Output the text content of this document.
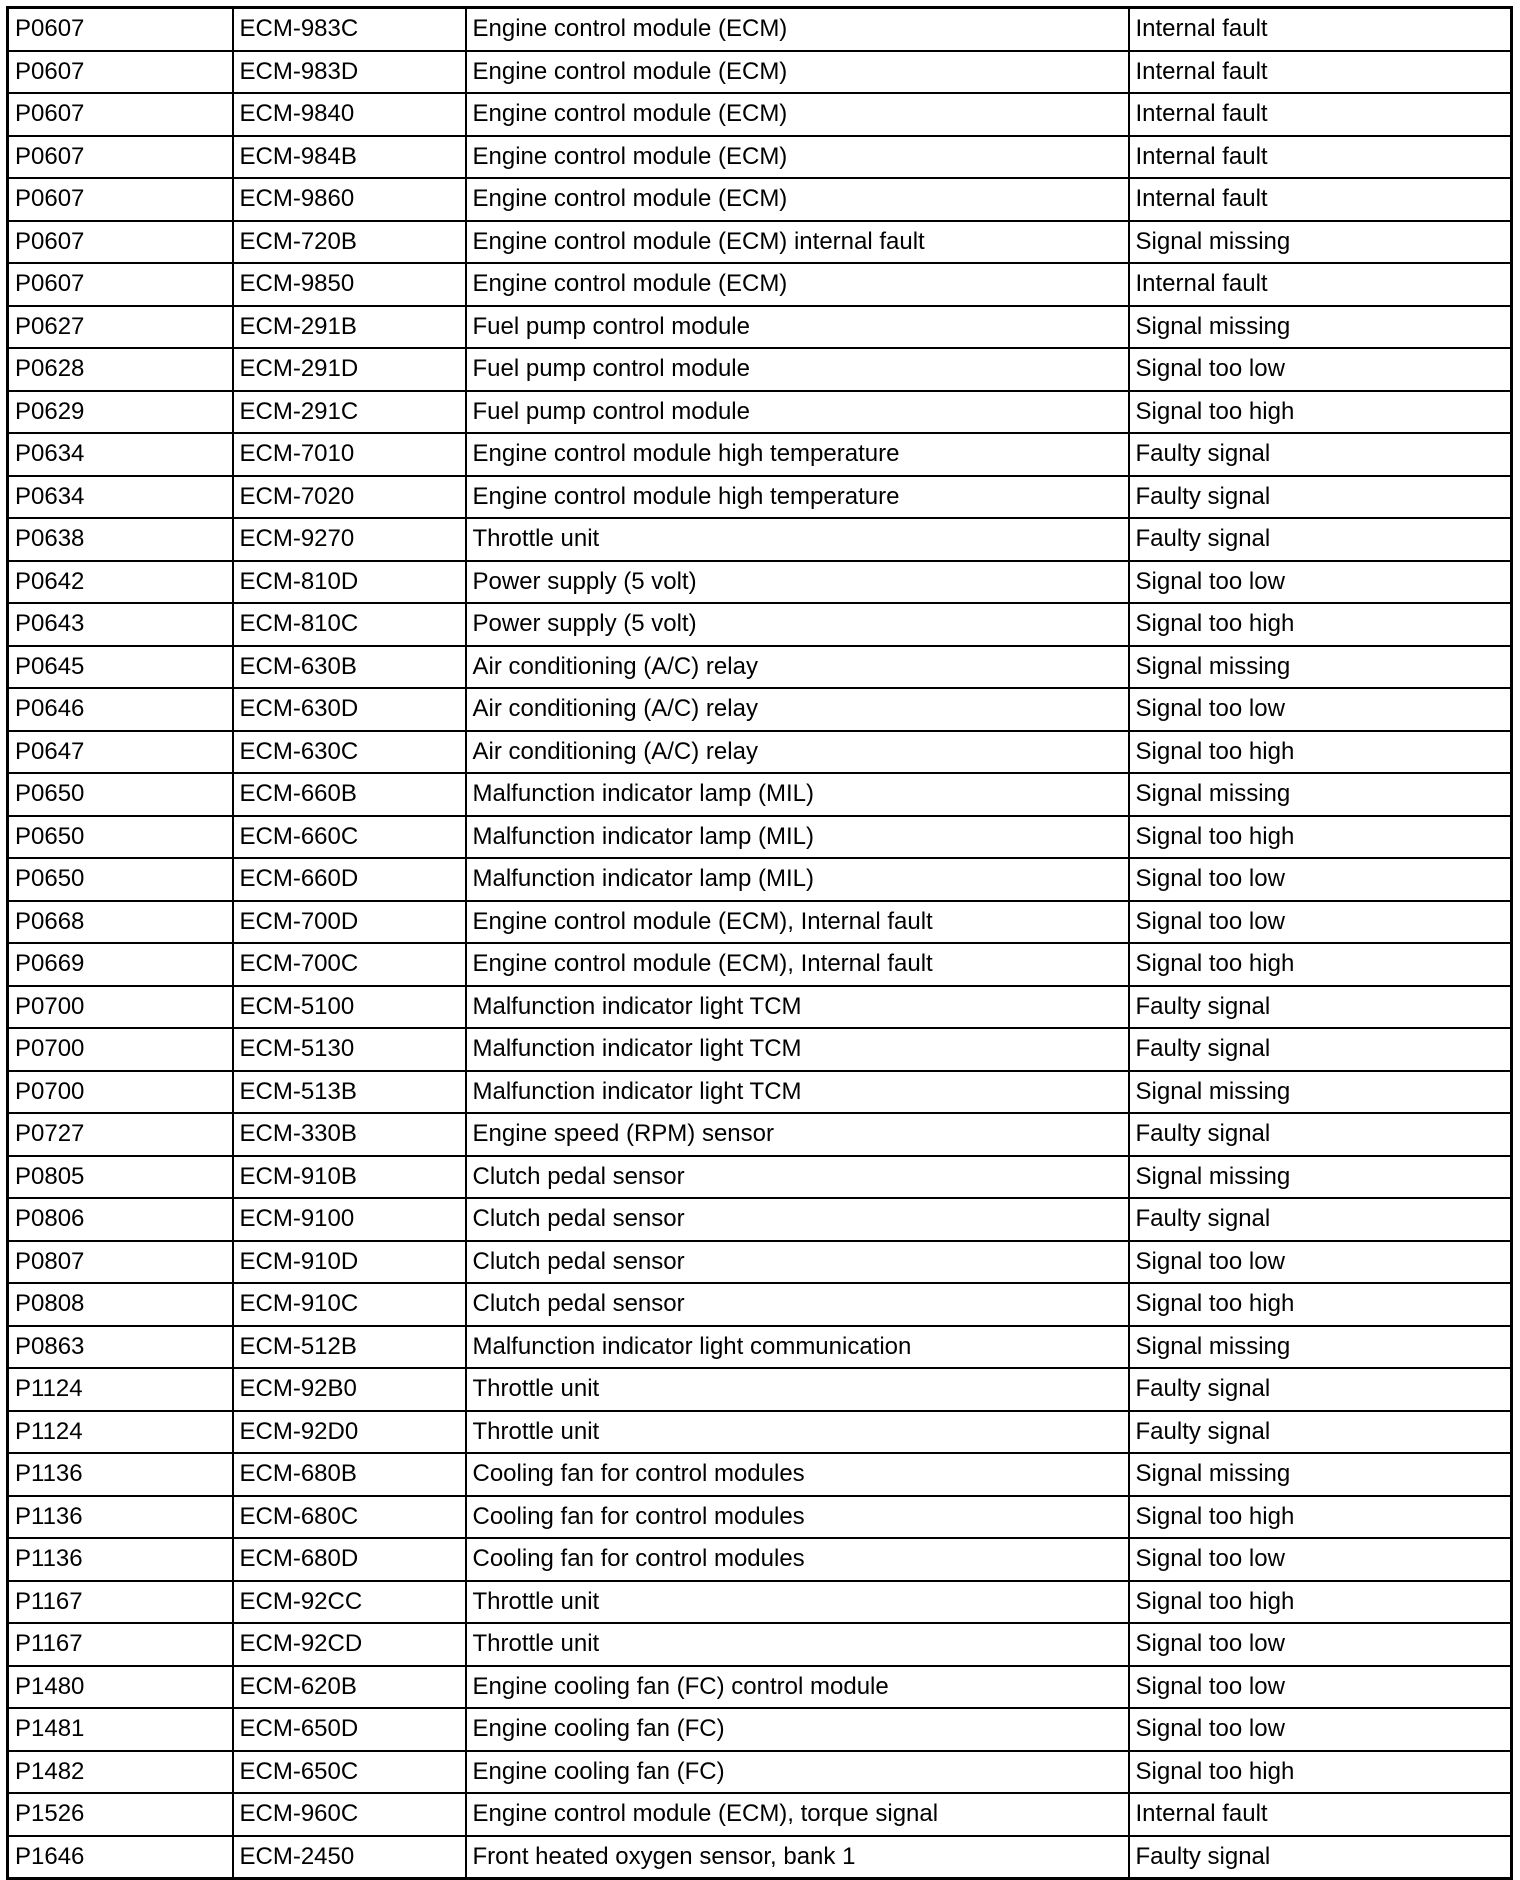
P0607	ECM-983C	Engine control module (ECM)	Internal fault
P0607	ECM-983D	Engine control module (ECM)	Internal fault
P0607	ECM-9840	Engine control module (ECM)	Internal fault
P0607	ECM-984B	Engine control module (ECM)	Internal fault
P0607	ECM-9860	Engine control module (ECM)	Internal fault
P0607	ECM-720B	Engine control module (ECM) internal fault	Signal missing
P0607	ECM-9850	Engine control module (ECM)	Internal fault
P0627	ECM-291B	Fuel pump control module	Signal missing
P0628	ECM-291D	Fuel pump control module	Signal too low
P0629	ECM-291C	Fuel pump control module	Signal too high
P0634	ECM-7010	Engine control module high temperature	Faulty signal
P0634	ECM-7020	Engine control module high temperature	Faulty signal
P0638	ECM-9270	Throttle unit	Faulty signal
P0642	ECM-810D	Power supply (5 volt)	Signal too low
P0643	ECM-810C	Power supply (5 volt)	Signal too high
P0645	ECM-630B	Air conditioning (A/C) relay	Signal missing
P0646	ECM-630D	Air conditioning (A/C) relay	Signal too low
P0647	ECM-630C	Air conditioning (A/C) relay	Signal too high
P0650	ECM-660B	Malfunction indicator lamp (MIL)	Signal missing
P0650	ECM-660C	Malfunction indicator lamp (MIL)	Signal too high
P0650	ECM-660D	Malfunction indicator lamp (MIL)	Signal too low
P0668	ECM-700D	Engine control module (ECM), Internal fault	Signal too low
P0669	ECM-700C	Engine control module (ECM), Internal fault	Signal too high
P0700	ECM-5100	Malfunction indicator light TCM	Faulty signal
P0700	ECM-5130	Malfunction indicator light TCM	Faulty signal
P0700	ECM-513B	Malfunction indicator light TCM	Signal missing
P0727	ECM-330B	Engine speed (RPM) sensor	Faulty signal
P0805	ECM-910B	Clutch pedal sensor	Signal missing
P0806	ECM-9100	Clutch pedal sensor	Faulty signal
P0807	ECM-910D	Clutch pedal sensor	Signal too low
P0808	ECM-910C	Clutch pedal sensor	Signal too high
P0863	ECM-512B	Malfunction indicator light communication	Signal missing
P1124	ECM-92B0	Throttle unit	Faulty signal
P1124	ECM-92D0	Throttle unit	Faulty signal
P1136	ECM-680B	Cooling fan for control modules	Signal missing
P1136	ECM-680C	Cooling fan for control modules	Signal too high
P1136	ECM-680D	Cooling fan for control modules	Signal too low
P1167	ECM-92CC	Throttle unit	Signal too high
P1167	ECM-92CD	Throttle unit	Signal too low
P1480	ECM-620B	Engine cooling fan (FC) control module	Signal too low
P1481	ECM-650D	Engine cooling fan (FC)	Signal too low
P1482	ECM-650C	Engine cooling fan (FC)	Signal too high
P1526	ECM-960C	Engine control module (ECM), torque signal	Internal fault
P1646	ECM-2450	Front heated oxygen sensor, bank 1	Faulty signal
